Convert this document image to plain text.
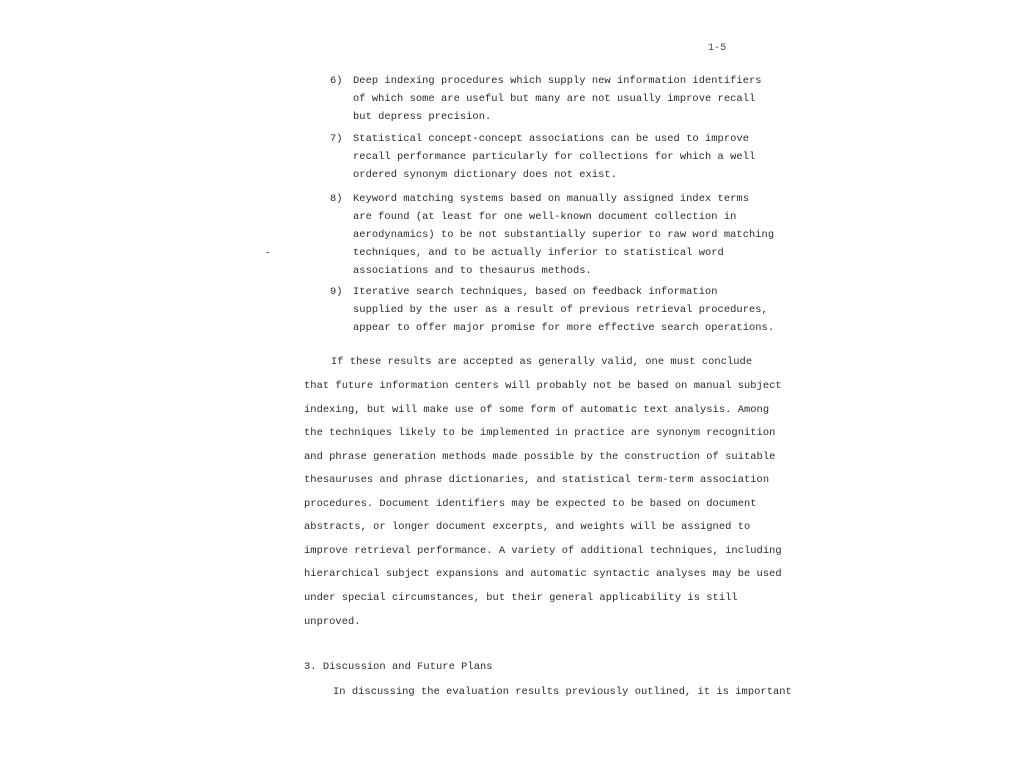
1-5
6) Deep indexing procedures which supply new information identifiers
of which some are useful but many are not usually improve recall
but depress precision.
7) Statistical concept-concept associations can be used to improve
recall performance particularly for collections for which a well
ordered synonym dictionary does not exist.
8) Keyword matching systems based on manually assigned index terms
are found (at least for one well-known document collection in
aerodynamics) to be not substantially superior to raw word matching
techniques, and to be actually inferior to statistical word
associations and to thesaurus methods.
9) Iterative search techniques, based on feedback information
supplied by the user as a result of previous retrieval procedures,
appear to offer major promise for more effective search operations.
If these results are accepted as generally valid, one must conclude
that future information centers will probably not be based on manual subject
indexing, but will make use of some form of automatic text analysis. Among
the techniques likely to be implemented in practice are synonym recognition
and phrase generation methods made possible by the construction of suitable
thesauruses and phrase dictionaries, and statistical term-term association
procedures. Document identifiers may be expected to be based on document
abstracts, or longer document excerpts, and weights will be assigned to
improve retrieval performance. A variety of additional techniques, including
hierarchical subject expansions and automatic syntactic analyses may be used
under special circumstances, but their general applicability is still
unproved.
3. Discussion and Future Plans
In discussing the evaluation results previously outlined, it is important
